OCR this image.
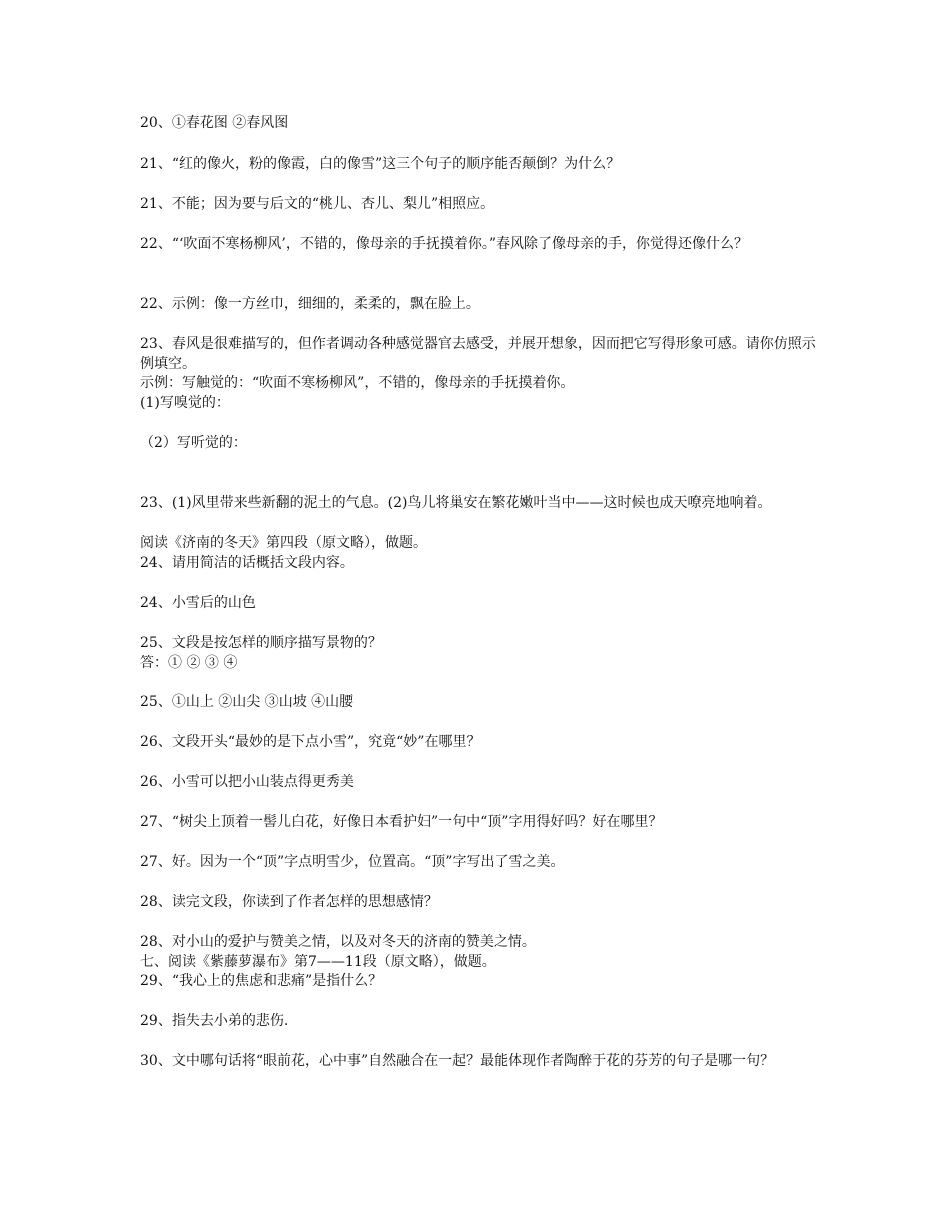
20、①春花图 ②春风图
21、“红的像火，粉的像霞，白的像雪”这三个句子的顺序能否颠倒？为什么？
21、不能；因为要与后文的“桃儿、杏儿、梨儿”相照应。
22、“‘吹面不寒杨柳风’，不错的，像母亲的手抚摸着你。”春风除了像母亲的手，你觉得还像什么？
22、示例：像一方丝巾，细细的，柔柔的，飘在脸上。
23、春风是很难描写的，但作者调动各种感觉器官去感受，并展开想象，因而把它写得形象可感。请你仿照示例填空。
示例：写触觉的：“吹面不寒杨柳风”，不错的，像母亲的手抚摸着你。
(1)写嗅觉的：
（2）写听觉的：
23、(1)风里带来些新翻的泥土的气息。(2)鸟儿将巢安在繁花嫩叶当中——这时候也成天嘹亮地响着。
阅读《济南的冬天》第四段（原文略），做题。
24、请用简洁的话概括文段内容。
24、小雪后的山色
25、文段是按怎样的顺序描写景物的？
答：① ② ③ ④
25、①山上 ②山尖 ③山坡 ④山腰
26、文段开头“最妙的是下点小雪”，究竟“妙”在哪里？
26、小雪可以把小山装点得更秀美
27、“树尖上顶着一髻儿白花，好像日本看护妇”一句中“顶”字用得好吗？好在哪里？
27、好。因为一个“顶”字点明雪少，位置高。“顶”字写出了雪之美。
28、读完文段，你读到了作者怎样的思想感情？
28、对小山的爱护与赞美之情，以及对冬天的济南的赞美之情。
七、阅读《紫藤萝瀑布》第7——11段（原文略），做题。
29、“我心上的焦虑和悲痛”是指什么？
29、指失去小弟的悲伤.
30、文中哪句话将“眼前花，心中事”自然融合在一起？最能体现作者陶醉于花的芬芳的句子是哪一句？
